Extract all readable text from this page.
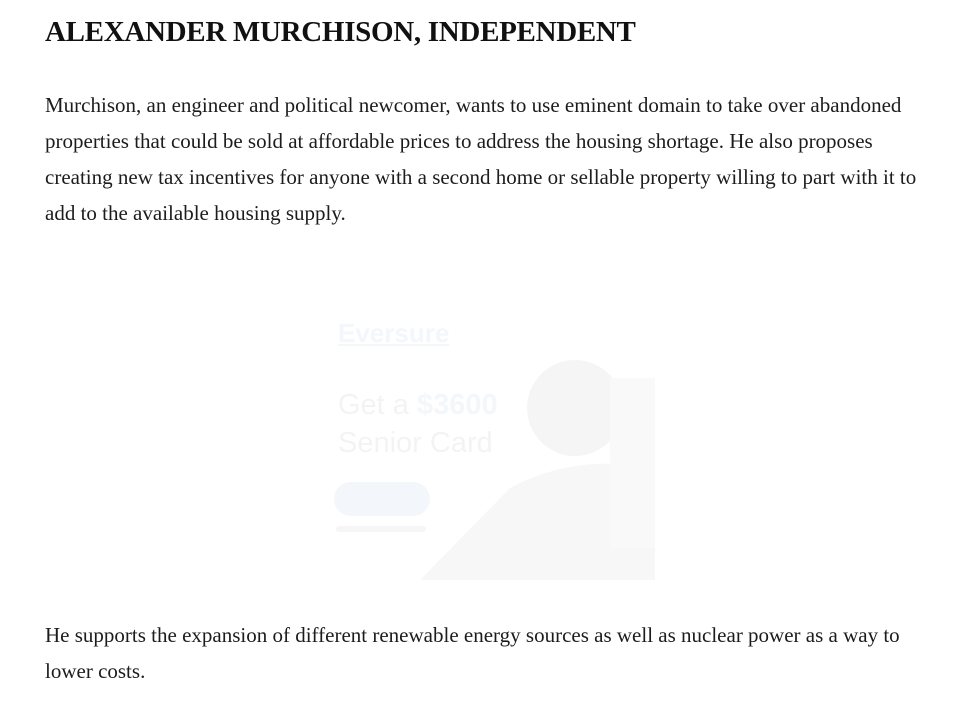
ALEXANDER MURCHISON, INDEPENDENT

Murchison, an engineer and political newcomer, wants to use eminent domain to take over abandoned properties that could be sold at affordable prices to address the housing shortage. He also proposes creating new tax incentives for anyone with a second home or sellable property willing to part with it to add to the available housing supply.

Eversure
Get a $3600 Senior Card

He supports the expansion of different renewable energy sources as well as nuclear power as a way to lower costs.
